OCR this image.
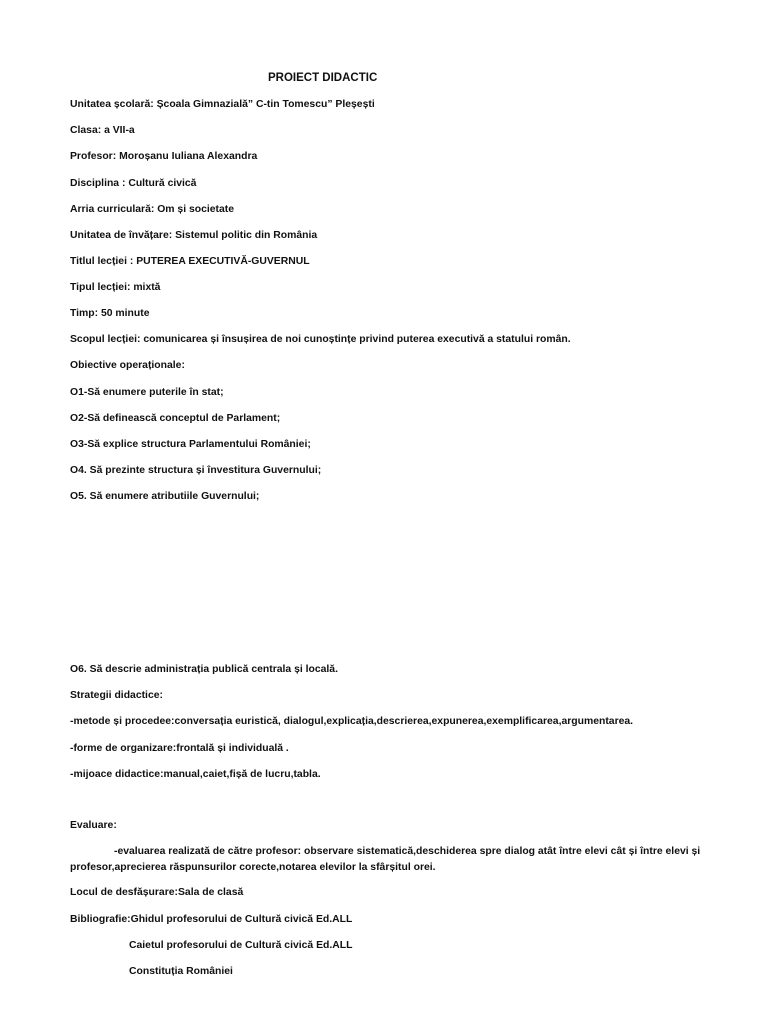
PROIECT DIDACTIC
Unitatea școlară: Școala Gimnazială” C-tin Tomescu” Pleșești
Clasa: a VII-a
Profesor: Moroșanu Iuliana Alexandra
Disciplina : Cultură civică
Arria curriculară: Om și societate
Unitatea de învățare: Sistemul politic din România
Titlul lecției : PUTEREA EXECUTIVĂ-GUVERNUL
Tipul lecției: mixtă
Timp: 50 minute
Scopul lecției: comunicarea și însușirea de noi cunoștințe privind puterea executivă a statului român.
Obiective operaționale:
O1-Să enumere puterile în stat;
O2-Să definească conceptul de Parlament;
O3-Să explice structura Parlamentului României;
O4. Să prezinte structura și învestitura Guvernului;
O5. Să enumere atributiile Guvernului;
O6. Să descrie administrația publică centrala și locală.
Strategii didactice:
-metode și procedee:conversația euristică, dialogul,explicația,descrierea,expunerea,exemplificarea,argumentarea.
-forme de organizare:frontală și individuală .
-mijoace didactice:manual,caiet,fișă de lucru,tabla.
Evaluare:
-evaluarea realizată de către profesor: observare sistematică,deschiderea spre dialog atât între elevi cât și între elevi și
profesor,aprecierea răspunsurilor corecte,notarea elevilor la sfârșitul orei.
Locul de desfășurare:Sala de clasă
Bibliografie:Ghidul profesorului de Cultură civică Ed.ALL
Caietul profesorului de Cultură civică Ed.ALL
Constituția României
